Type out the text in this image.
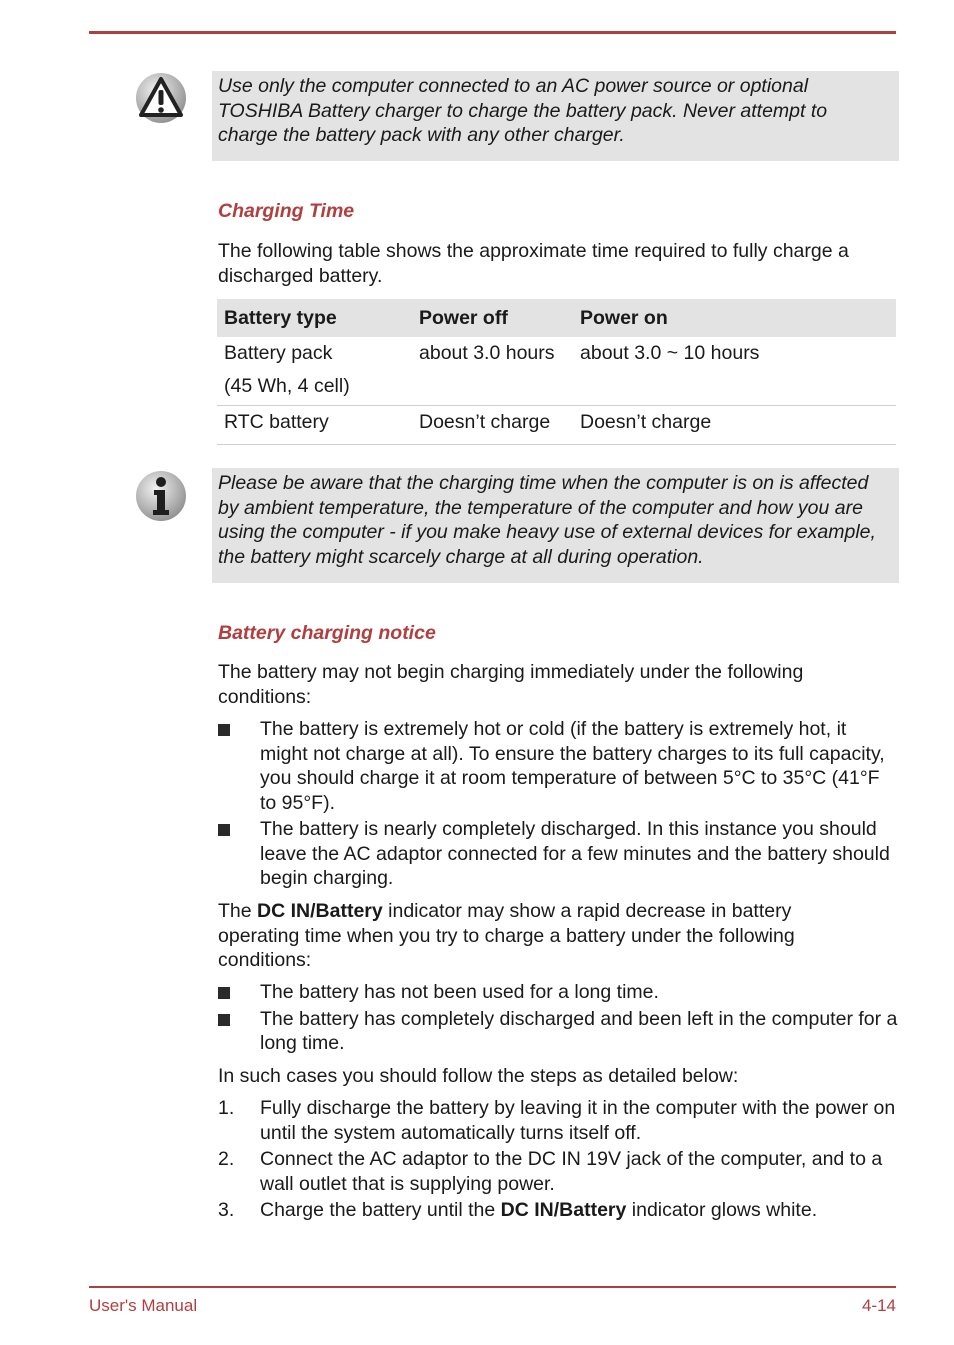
Use only the computer connected to an AC power source or optional TOSHIBA Battery charger to charge the battery pack. Never attempt to charge the battery pack with any other charger.

Charging Time

The following table shows the approximate time required to fully charge a discharged battery.

Battery type	Power off	Power on

Battery pack
(45 Wh, 4 cell)	about 3.0 hours	about 3.0 ~ 10 hours
RTC battery	Doesn’t charge	Doesn’t charge

Please be aware that the charging time when the computer is on is affected by ambient temperature, the temperature of the computer and how you are using the computer - if you make heavy use of external devices for example, the battery might scarcely charge at all during operation.

Battery charging notice

The battery may not begin charging immediately under the following conditions:

The battery is extremely hot or cold (if the battery is extremely hot, it might not charge at all). To ensure the battery charges to its full capacity, you should charge it at room temperature of between 5°C to 35°C (41°F to 95°F).
The battery is nearly completely discharged. In this instance you should leave the AC adaptor connected for a few minutes and the battery should begin charging.

The DC IN/Battery indicator may show a rapid decrease in battery operating time when you try to charge a battery under the following conditions:

The battery has not been used for a long time.
The battery has completely discharged and been left in the computer for a long time.

In such cases you should follow the steps as detailed below:

1. Fully discharge the battery by leaving it in the computer with the power on until the system automatically turns itself off.
2. Connect the AC adaptor to the DC IN 19V jack of the computer, and to a wall outlet that is supplying power.
3. Charge the battery until the DC IN/Battery indicator glows white.
User's Manual	4-14
